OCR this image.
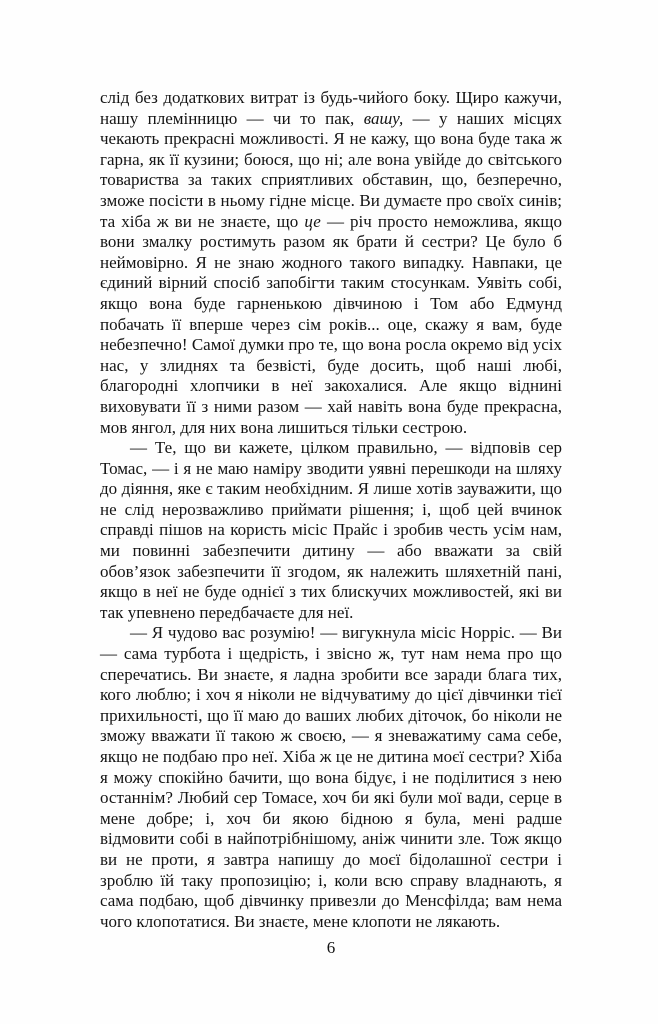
слід без додаткових витрат із будь-чийого боку. Щиро кажучи, нашу племінницю — чи то пак, вашу, — у наших місцях чекають прекрасні можливості. Я не кажу, що вона буде така ж гарна, як її кузини; боюся, що ні; але вона увійде до світського товариства за таких сприятливих обставин, що, безперечно, зможе посісти в ньому гідне місце. Ви думаєте про своїх синів; та хіба ж ви не знаєте, що це — річ просто неможлива, якщо вони змалку ростимуть разом як брати й сестри? Це було б неймовірно. Я не знаю жодного такого випадку. Навпаки, це єдиний вірний спосіб запобігти таким стосункам. Уявіть собі, якщо вона буде гарненькою дівчиною і Том або Едмунд побачать її вперше через сім років... оце, скажу я вам, буде небезпечно! Самої думки про те, що вона росла окремо від усіх нас, у злиднях та безвісті, буде досить, щоб наші любі, благородні хлопчики в неї закохалися. Але якщо віднині виховувати її з ними разом — хай навіть вона буде прекрасна, мов янгол, для них вона лишиться тільки сестрою.

— Те, що ви кажете, цілком правильно, — відповів сер Томас, — і я не маю наміру зводити уявні перешкоди на шляху до діяння, яке є таким необхідним. Я лише хотів зауважити, що не слід нерозважливо приймати рішення; і, щоб цей вчинок справді пішов на користь місіс Прайс і зробив честь усім нам, ми повинні забезпечити дитину — або вважати за свій обов’язок забезпечити її згодом, як належить шляхетній пані, якщо в неї не буде однієї з тих блискучих можливостей, які ви так упевнено передбачаєте для неї.

— Я чудово вас розумію! — вигукнула місіс Норріс. — Ви — сама турбота і щедрість, і звісно ж, тут нам нема про що сперечатись. Ви знаєте, я ладна зробити все заради блага тих, кого люблю; і хоч я ніколи не відчуватиму до цієї дівчинки тієї прихильності, що її маю до ваших любих діточок, бо ніколи не зможу вважати її такою ж своєю, — я зневажатиму сама себе, якщо не подбаю про неї. Хіба ж це не дитина моєї сестри? Хіба я можу спокійно бачити, що вона бідує, і не поділитися з нею останнім? Любий сер Томасе, хоч би які були мої вади, серце в мене добре; і, хоч би якою бідною я була, мені радше відмовити собі в найпотрібнішому, аніж чинити зле. Тож якщо ви не проти, я завтра напишу до моєї бідолашної сестри і зроблю їй таку пропозицію; і, коли всю справу владнають, я сама подбаю, щоб дівчинку привезли до Менсфілда; вам нема чого клопотатися. Ви знаєте, мене клопоти не лякають.

6
